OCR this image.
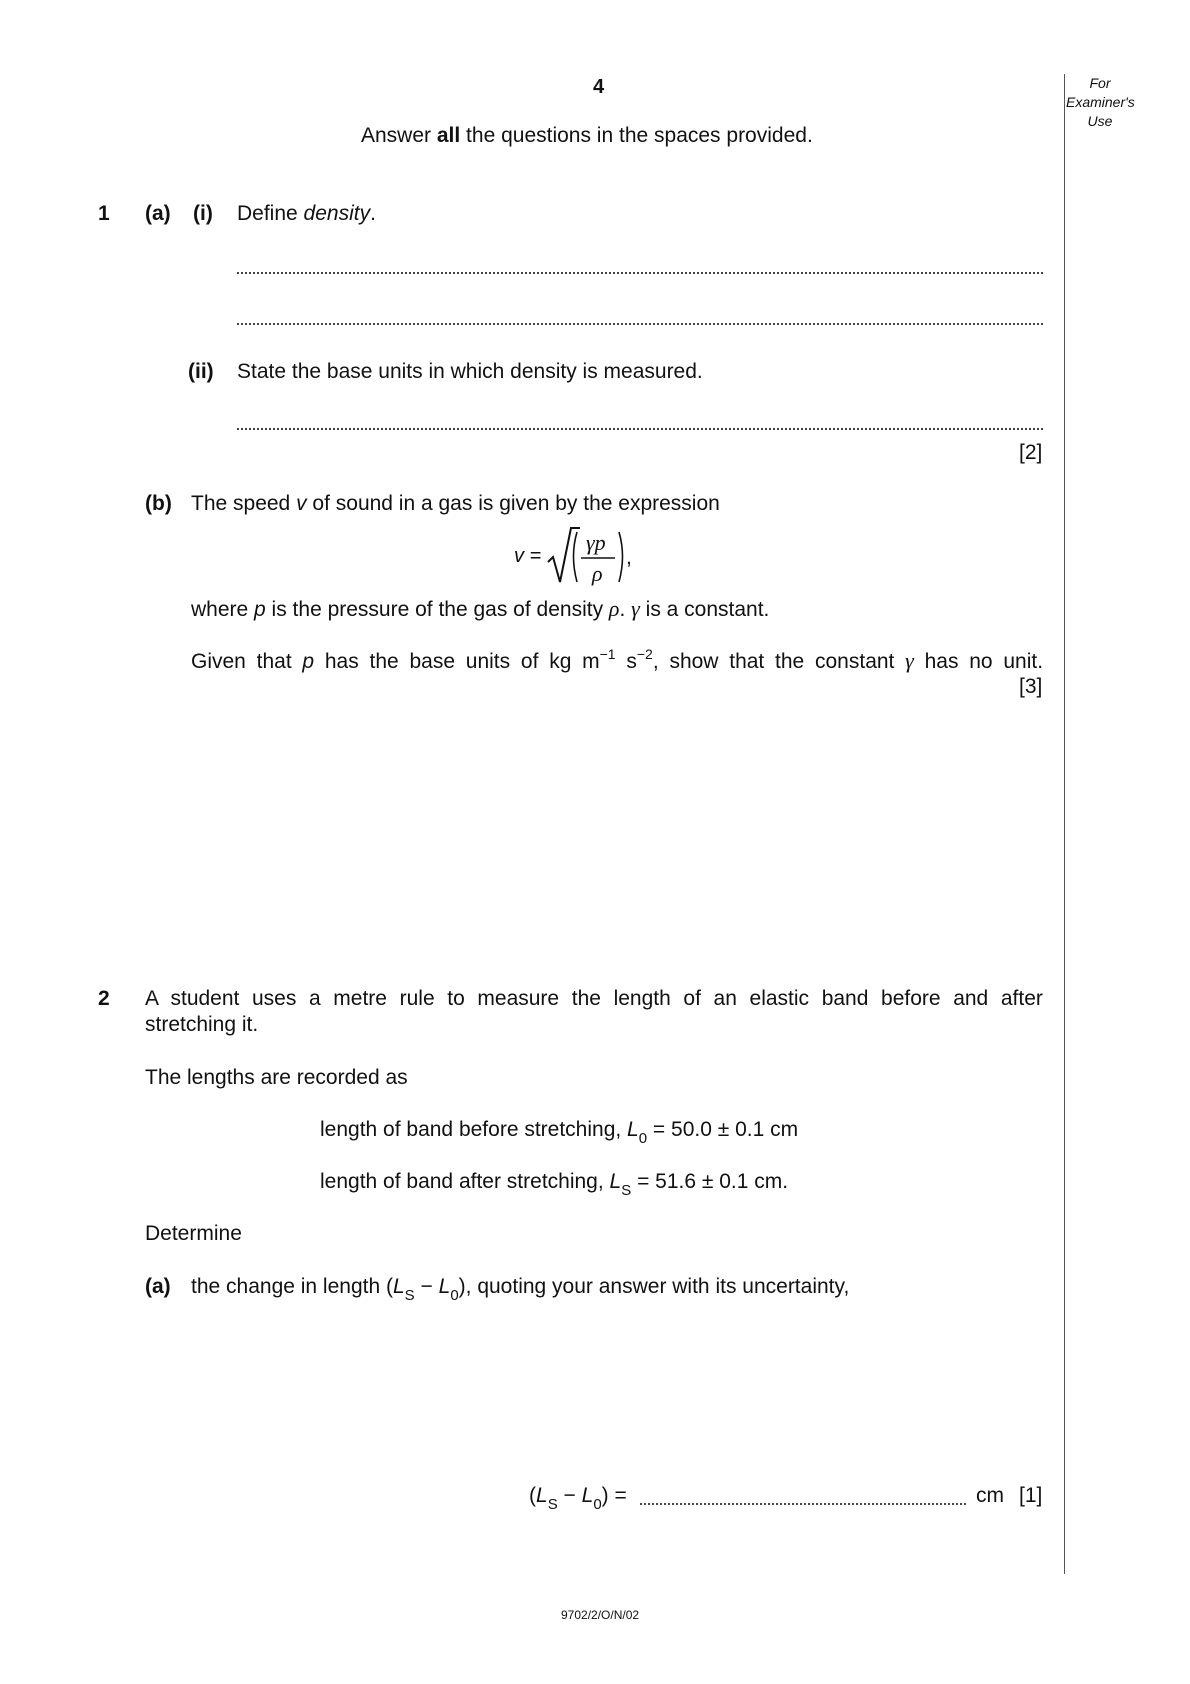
4
Answer all the questions in the spaces provided.
For
Examiner's
Use
1 (a) (i) Define density.
(ii) State the base units in which density is measured.
[2]
(b) The speed v of sound in a gas is given by the expression
v =
γp
ρ
,
where p is the pressure of the gas of density ρ. γ is a constant.
Given that p has the base units of kg $m^{-1}$ $s^{-2}$, show that the constant γ has no unit.
[3]
2 A student uses a metre rule to measure the length of an elastic band before and after
stretching it.
The lengths are recorded as
length of band before stretching, $L_0 = 50.0 \pm 0.1$ cm
length of band after stretching, $L_S = 51.6 \pm 0.1$ cm.
Determine
(a) the change in length $(L_S - L_0)$, quoting your answer with its uncertainty,
$(L_S - L_0)$ =	cm [1]
9702/2/O/N/02
